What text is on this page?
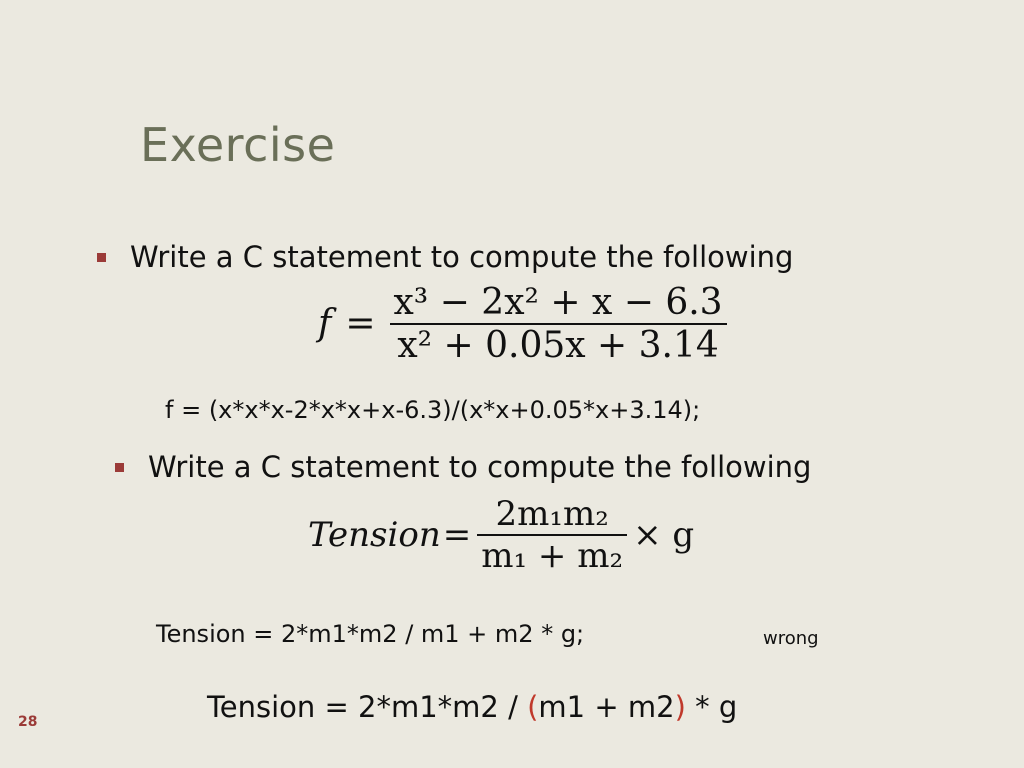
Exercise
Write a C statement to compute the following
$f = \frac{\text{x³ − 2x² + x − 6.3}}{\text{x² + 0.05x + 3.14}}$
f = (x*x*x-2*x*x+x-6.3)/(x*x+0.05*x+3.14);
Write a C statement to compute the following
Tension = $\frac{\text{2m₁m₂}}{\text{m₁ + m₂}} \times g$
Tension = 2*m1*m2 / m1 + m2 * g;	wrong
Tension = 2*m1*m2 / (m1 + m2) * g
28
